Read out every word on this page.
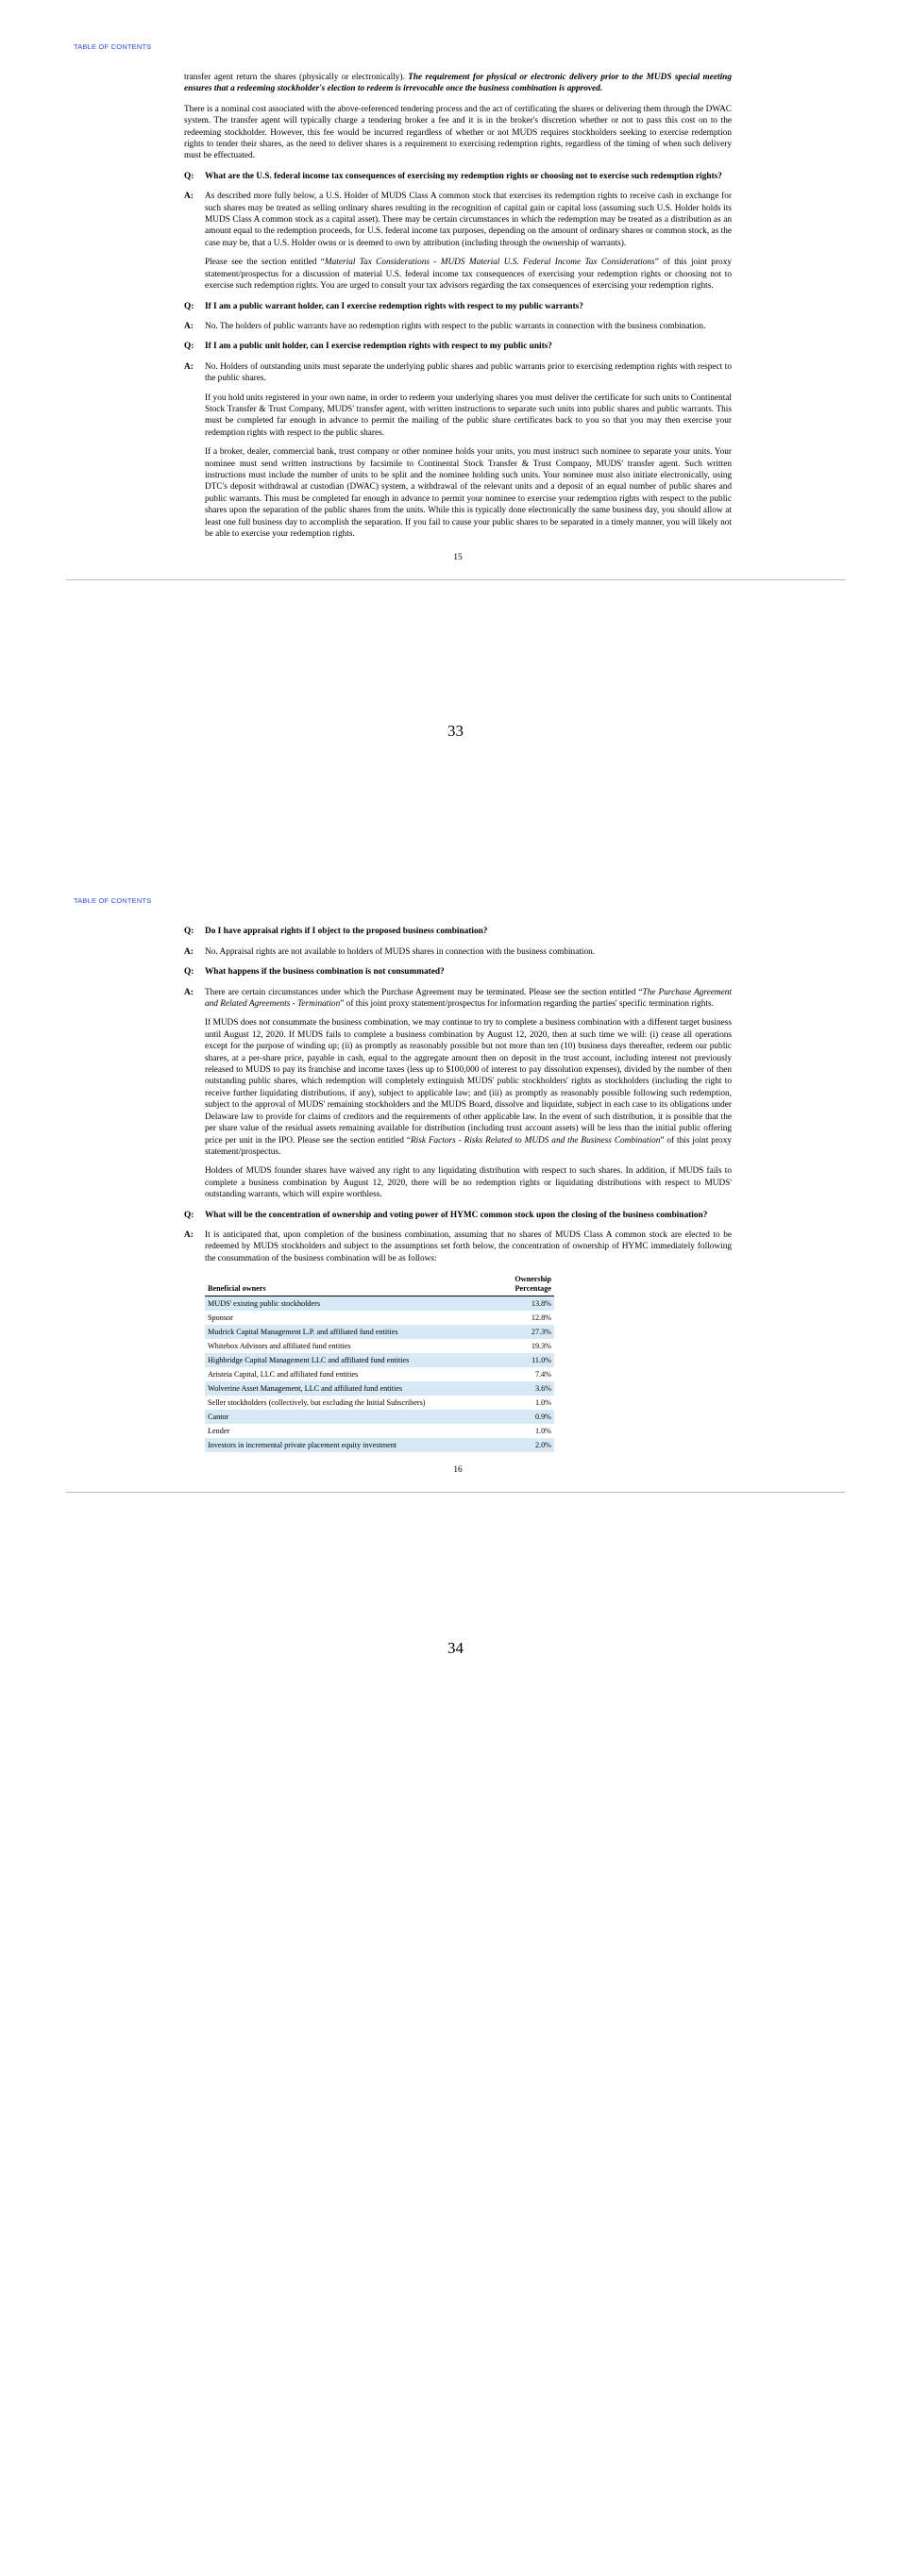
TABLE OF CONTENTS

transfer agent return the shares (physically or electronically). The requirement for physical or electronic delivery prior to the MUDS special meeting ensures that a redeeming stockholder's election to redeem is irrevocable once the business combination is approved.

There is a nominal cost associated with the above-referenced tendering process and the act of certificating the shares or delivering them through the DWAC system. The transfer agent will typically charge a tendering broker a fee and it is in the broker's discretion whether or not to pass this cost on to the redeeming stockholder. However, this fee would be incurred regardless of whether or not MUDS requires stockholders seeking to exercise redemption rights to tender their shares, as the need to deliver shares is a requirement to exercising redemption rights, regardless of the timing of when such delivery must be effectuated.

Q:	What are the U.S. federal income tax consequences of exercising my redemption rights or choosing not to exercise such redemption rights?
A:	As described more fully below, a U.S. Holder of MUDS Class A common stock that exercises its redemption rights to receive cash in exchange for such shares may be treated as selling ordinary shares resulting in the recognition of capital gain or capital loss (assuming such U.S. Holder holds its MUDS Class A common stock as a capital asset). There may be certain circumstances in which the redemption may be treated as a distribution as an amount equal to the redemption proceeds, for U.S. federal income tax purposes, depending on the amount of ordinary shares or common stock, as the case may be, that a U.S. Holder owns or is deemed to own by attribution (including through the ownership of warrants).

Please see the section entitled “Material Tax Considerations - MUDS Material U.S. Federal Income Tax Considerations” of this joint proxy statement/prospectus for a discussion of material U.S. federal income tax consequences of exercising your redemption rights or choosing not to exercise such redemption rights. You are urged to consult your tax advisors regarding the tax consequences of exercising your redemption rights.

Q:	If I am a public warrant holder, can I exercise redemption rights with respect to my public warrants?
A:	No. The holders of public warrants have no redemption rights with respect to the public warrants in connection with the business combination.

Q:	If I am a public unit holder, can I exercise redemption rights with respect to my public units?
A:	No. Holders of outstanding units must separate the underlying public shares and public warrants prior to exercising redemption rights with respect to the public shares.

If you hold units registered in your own name, in order to redeem your underlying shares you must deliver the certificate for such units to Continental Stock Transfer & Trust Company, MUDS' transfer agent, with written instructions to separate such units into public shares and public warrants. This must be completed far enough in advance to permit the mailing of the public share certificates back to you so that you may then exercise your redemption rights with respect to the public shares.

If a broker, dealer, commercial bank, trust company or other nominee holds your units, you must instruct such nominee to separate your units. Your nominee must send written instructions by facsimile to Continental Stock Transfer & Trust Company, MUDS' transfer agent. Such written instructions must include the number of units to be split and the nominee holding such units. Your nominee must also initiate electronically, using DTC's deposit withdrawal at custodian (DWAC) system, a withdrawal of the relevant units and a deposit of an equal number of public shares and public warrants. This must be completed far enough in advance to permit your nominee to exercise your redemption rights with respect to the public shares upon the separation of the public shares from the units. While this is typically done electronically the same business day, you should allow at least one full business day to accomplish the separation. If you fail to cause your public shares to be separated in a timely manner, you will likely not be able to exercise your redemption rights.

15
33
TABLE OF CONTENTS
Q:	Do I have appraisal rights if I object to the proposed business combination?
A:	No. Appraisal rights are not available to holders of MUDS shares in connection with the business combination.

Q:	What happens if the business combination is not consummated?
A:	There are certain circumstances under which the Purchase Agreement may be terminated. Please see the section entitled “The Purchase Agreement and Related Agreements - Termination” of this joint proxy statement/prospectus for information regarding the parties' specific termination rights.

If MUDS does not consummate the business combination, we may continue to try to complete a business combination with a different target business until August 12, 2020. If MUDS fails to complete a business combination by August 12, 2020, then at such time we will: (i) cease all operations except for the purpose of winding up; (ii) as promptly as reasonably possible but not more than ten (10) business days thereafter, redeem our public shares, at a per-share price, payable in cash, equal to the aggregate amount then on deposit in the trust account, including interest not previously released to MUDS to pay its franchise and income taxes (less up to $100,000 of interest to pay dissolution expenses), divided by the number of then outstanding public shares, which redemption will completely extinguish MUDS' public stockholders' rights as stockholders (including the right to receive further liquidating distributions, if any), subject to applicable law; and (iii) as promptly as reasonably possible following such redemption, subject to the approval of MUDS' remaining stockholders and the MUDS Board, dissolve and liquidate, subject in each case to its obligations under Delaware law to provide for claims of creditors and the requirements of other applicable law. In the event of such distribution, it is possible that the per share value of the residual assets remaining available for distribution (including trust account assets) will be less than the initial public offering price per unit in the IPO. Please see the section entitled “Risk Factors - Risks Related to MUDS and the Business Combination” of this joint proxy statement/prospectus.

Holders of MUDS founder shares have waived any right to any liquidating distribution with respect to such shares. In addition, if MUDS fails to complete a business combination by August 12, 2020, there will be no redemption rights or liquidating distributions with respect to MUDS' outstanding warrants, which will expire worthless.

Q:	What will be the concentration of ownership and voting power of HYMC common stock upon the closing of the business combination?
A:	It is anticipated that, upon completion of the business combination, assuming that no shares of MUDS Class A common stock are elected to be redeemed by MUDS stockholders and subject to the assumptions set forth below, the concentration of ownership of HYMC immediately following the consummation of the business combination will be as follows:

Beneficial owners	Ownership
Percentage

MUDS' existing public stockholders	13.8%
Sponsor	12.8%
Mudrick Capital Management L.P. and affiliated fund entities	27.3%
Whitebox Advisors and affiliated fund entities	19.3%
Highbridge Capital Management LLC and affiliated fund entities	11.0%
Aristeia Capital, LLC and affiliated fund entities	7.4%
Wolverine Asset Management, LLC and affiliated fund entities	3.6%
Seller stockholders (collectively, but excluding the Initial Subscribers)	1.0%
Cantor	0.9%
Lender	1.0%
Investors in incremental private placement equity investment	2.0%
16
34
